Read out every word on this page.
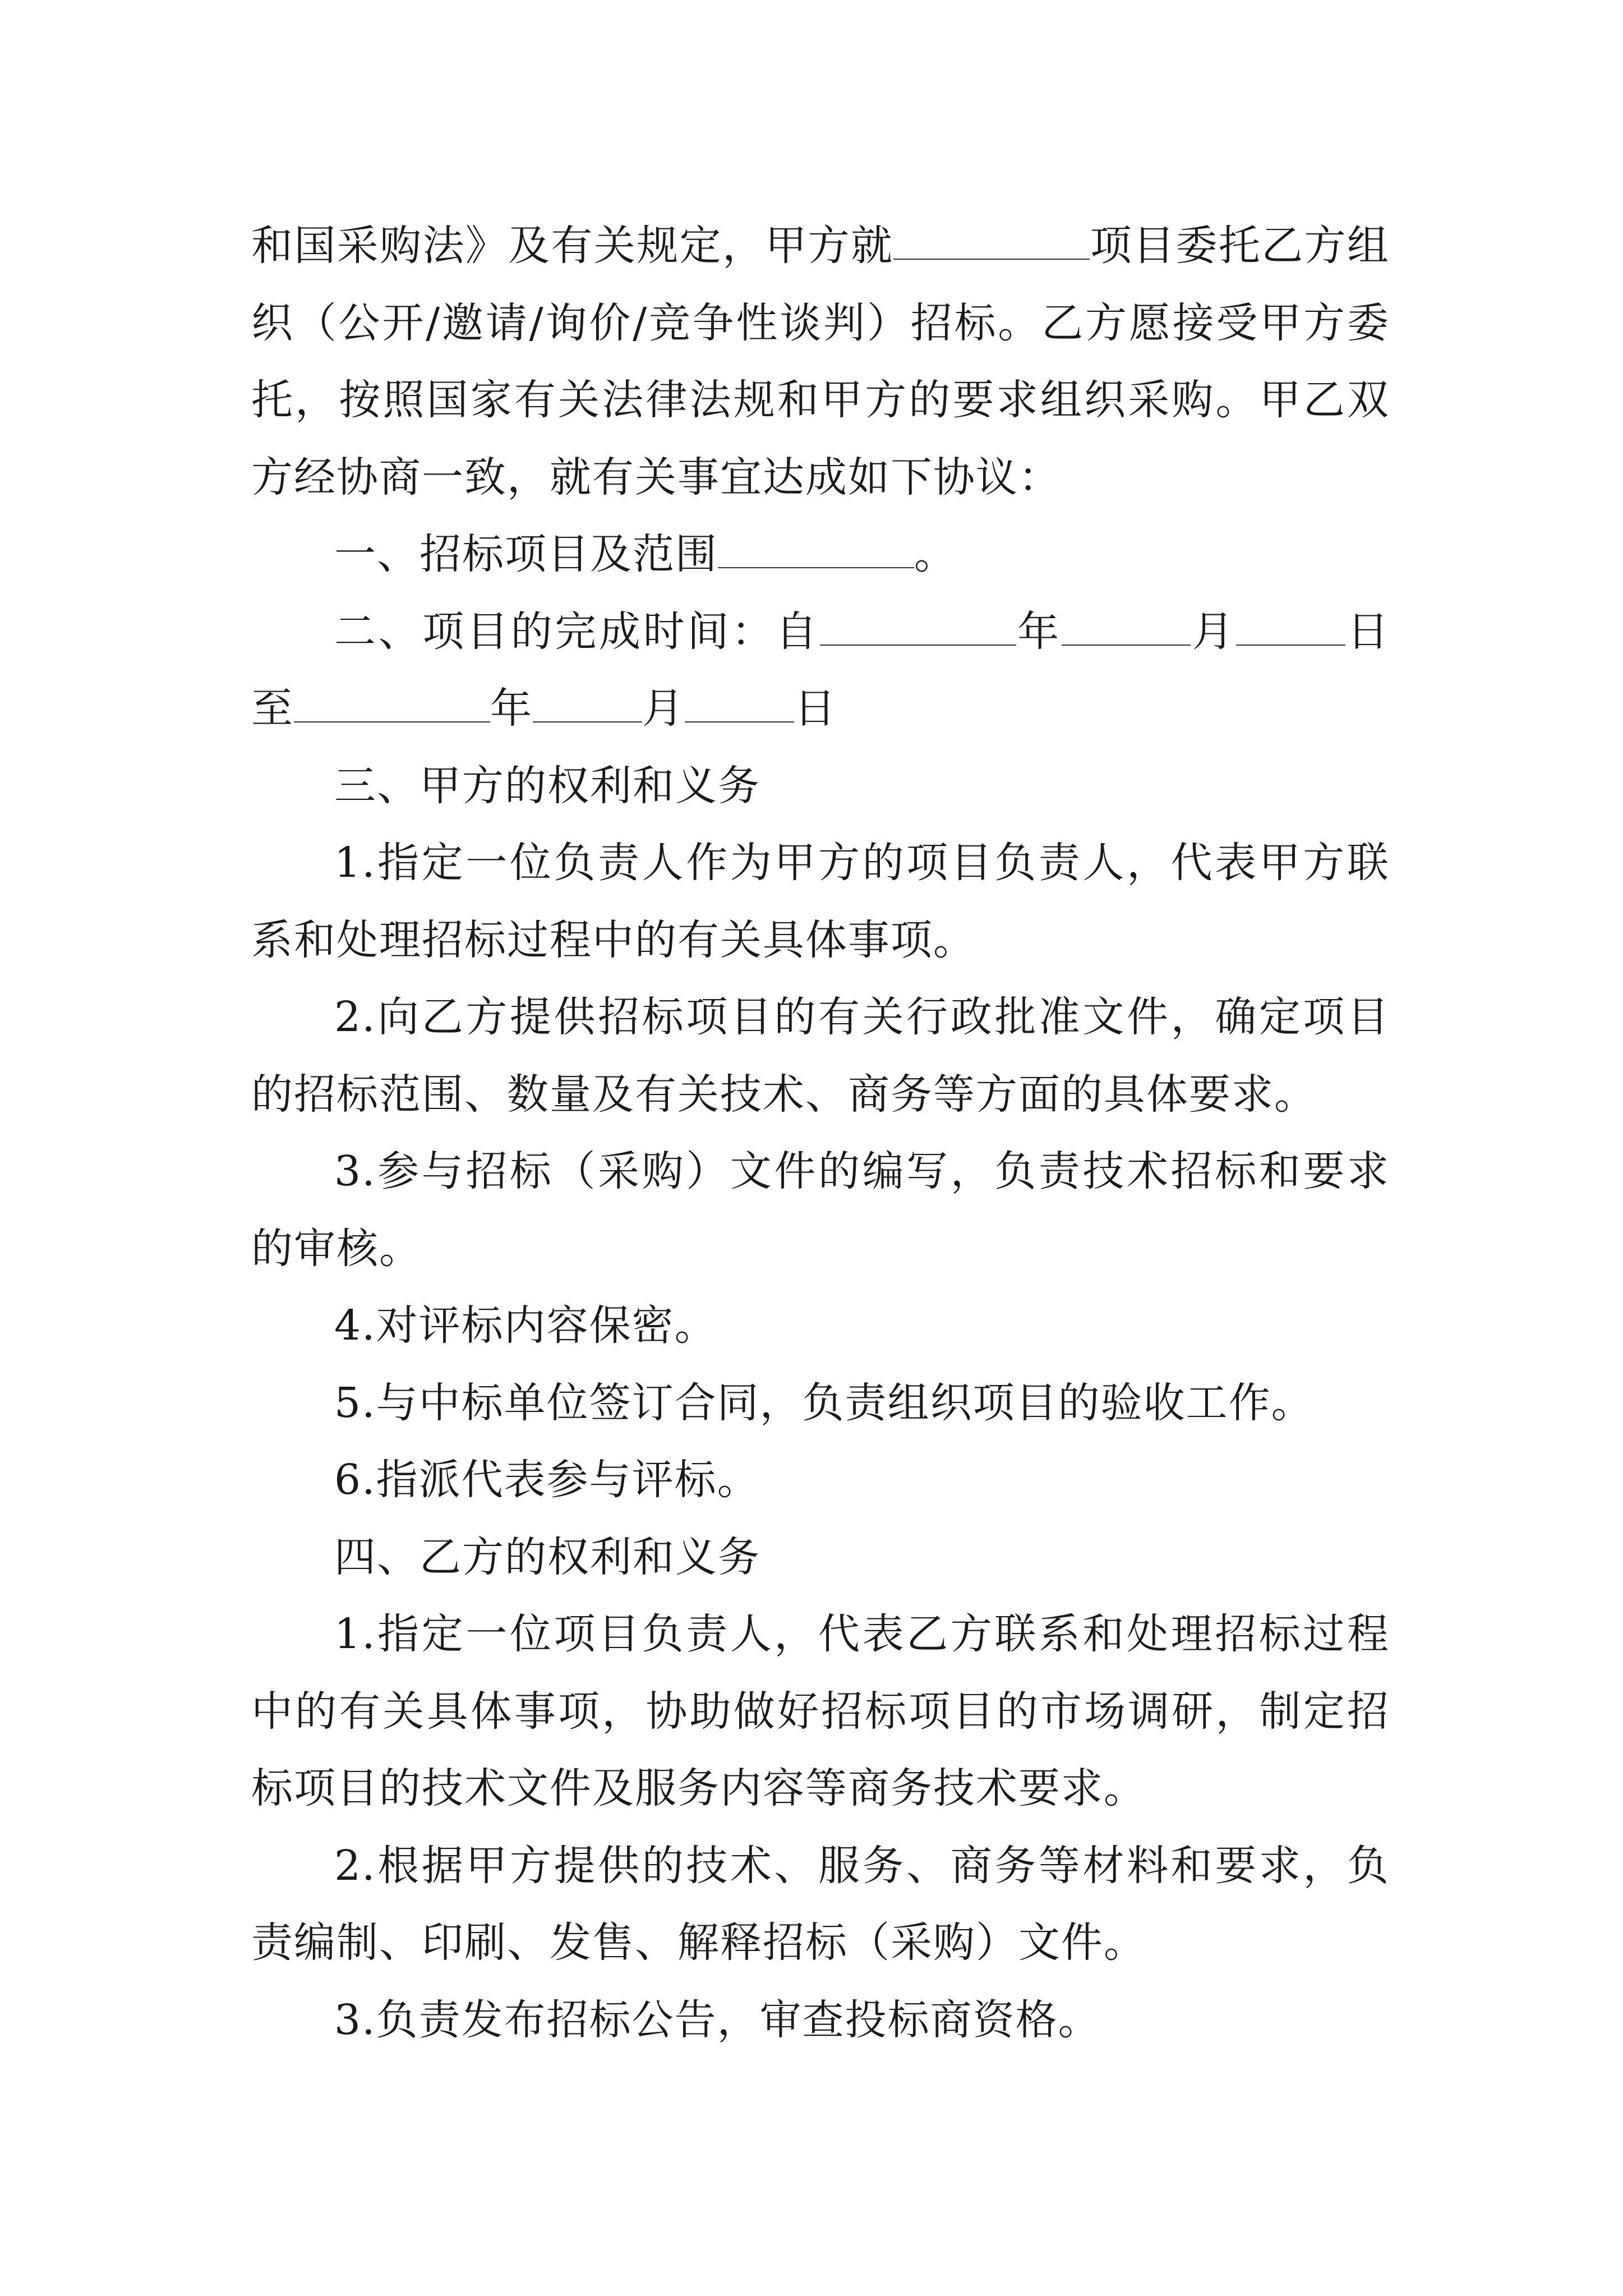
和国采购法》及有关规定，甲方就	项目委托乙方组织（公开/邀请/询价/竞争性谈判）招标。乙方愿接受甲方委托，按照国家有关法律法规和甲方的要求组织采购。甲乙双方经协商一致，就有关事宜达成如下协议：

一、招标项目及范围	。

二、项目的完成时间：自	年	月	日至	年	月	日

三、甲方的权利和义务

1.指定一位负责人作为甲方的项目负责人，代表甲方联系和处理招标过程中的有关具体事项。

2.向乙方提供招标项目的有关行政批准文件，确定项目的招标范围、数量及有关技术、商务等方面的具体要求。

3.参与招标（采购）文件的编写，负责技术招标和要求的审核。

4.对评标内容保密。

5.与中标单位签订合同，负责组织项目的验收工作。

6.指派代表参与评标。

四、乙方的权利和义务

1.指定一位项目负责人，代表乙方联系和处理招标过程中的有关具体事项，协助做好招标项目的市场调研，制定招标项目的技术文件及服务内容等商务技术要求。

2.根据甲方提供的技术、服务、商务等材料和要求，负责编制、印刷、发售、解释招标（采购）文件。

3.负责发布招标公告，审查投标商资格。
